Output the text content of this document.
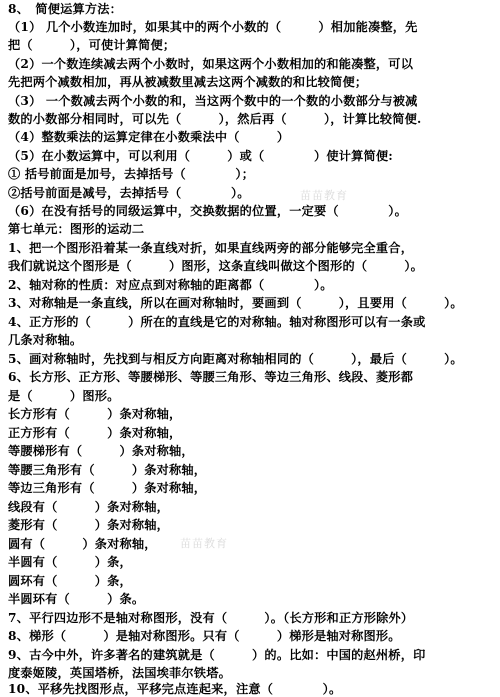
8、　简便运算方法：
（1） 几个小数连加时，如果其中的两个小数的（　　　）相加能凑整，先
把（　　　），可使计算简便；
（2）一个数连续减去两个小数时，如果这两个小数相加的和能凑整，可以
先把两个减数相加，再从被减数里减去这两个减数的和比较简便；
（3） 一个数减去两个小数的和，当这两个数中的一个数的小数部分与被减
数的小数部分相同时，可以先（　　　），然后再（　　　），计算比较简便.
（4）整数乘法的运算定律在小数乘法中（　　　）
（5）在小数运算中，可以利用（　　　）或（　　　　）使计算简便:
① 括号前面是加号，去掉括号（　　　　）；
②括号前面是减号，去掉括号（　　　　）。
（6）在没有括号的同级运算中，交换数据的位置，一定要（　　　　）。
第七单元：图形的运动二
1、把一个图形沿着某一条直线对折，如果直线两旁的部分能够完全重合，
我们就说这个图形是（　　　）图形，这条直线叫做这个图形的（　　　）。
2、轴对称的性质：对应点到对称轴的距离都（　　　　）。
3、对称轴是一条直线，所以在画对称轴时，要画到（　　　），且要用（　　　）。
4、正方形的（　　　）所在的直线是它的对称轴。轴对称图形可以有一条或
几条对称轴。
5、画对称轴时，先找到与相反方向距离对称轴相同的（　　　），最后（　　　）。
6、长方形、正方形、等腰梯形、等腰三角形、等边三角形、线段、菱形都
是（　　　）图形。
长方形有（　　　）条对称轴，
正方形有（　　　）条对称轴，
等腰梯形有（　　　）条对称轴，
等腰三角形有（　　　）条对称轴，
等边三角形有（　　　）条对称轴，
线段有（　　　）条对称轴，
菱形有（　　　）条对称轴，
圆有（　　　）条对称轴，
半圆有（　　　）条，
圆环有（　　　）条，
半圆环有（　　　）条。
7、平行四边形不是轴对称图形，没有（　　　）。（长方形和正方形除外）
8、梯形（　　　）是轴对称图形。只有（　　　）梯形是轴对称图形。
9、古今中外，许多著名的建筑就是（　　　）的。比如：中国的赵州桥，印
度泰姬陵，英国塔桥，法国埃菲尔铁塔。
10、平移先找图形点，平移完点连起来，注意（　　　　）。
苗苗教育
苗苗教育
